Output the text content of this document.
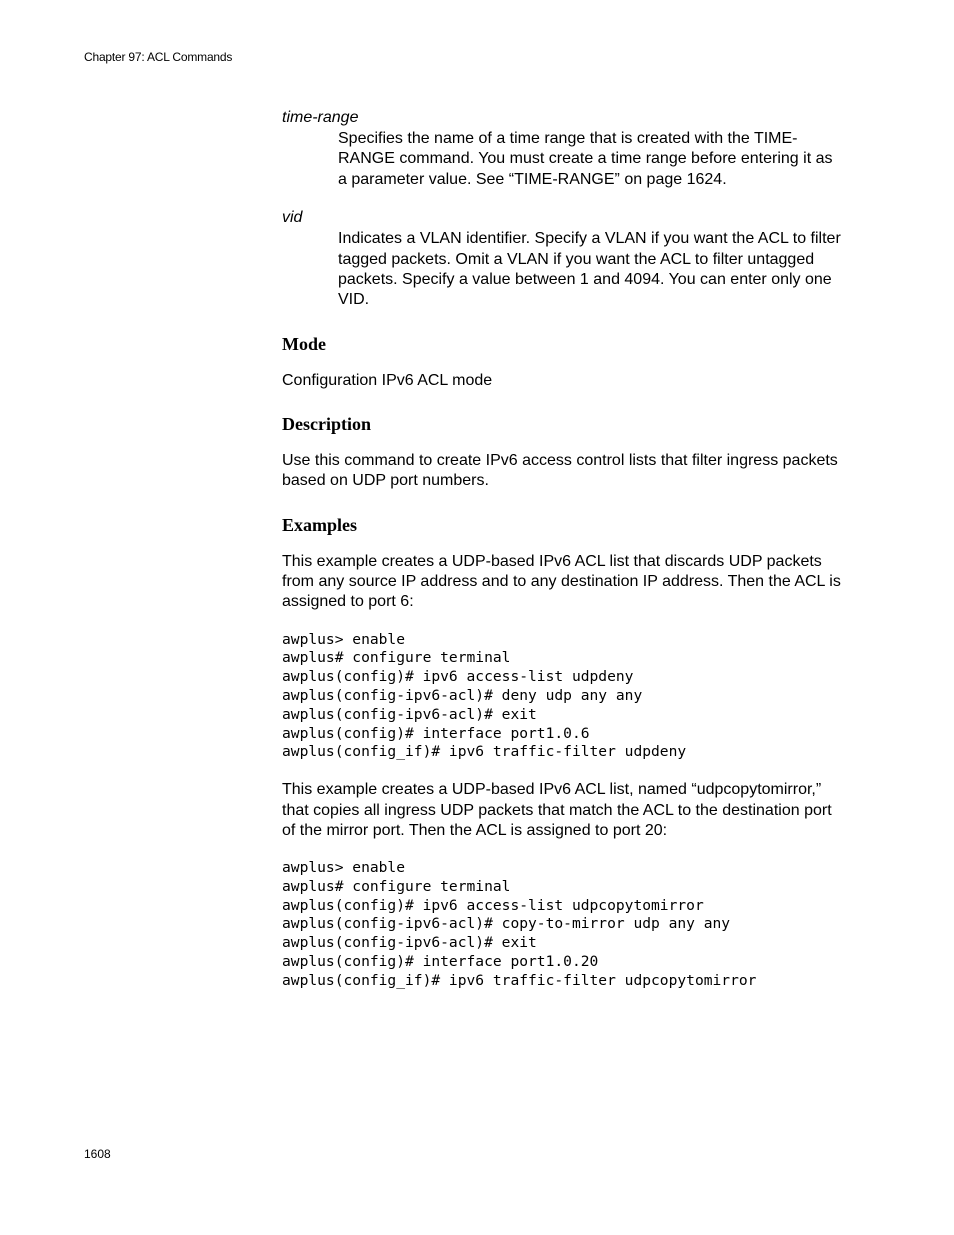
Chapter 97: ACL Commands

time-range

Specifies the name of a time range that is created with the TIME-RANGE command. You must create a time range before entering it as a parameter value. See “TIME-RANGE” on page 1624.

vid

Indicates a VLAN identifier. Specify a VLAN if you want the ACL to filter tagged packets. Omit a VLAN if you want the ACL to filter untagged packets. Specify a value between 1 and 4094. You can enter only one VID.

Mode

Configuration IPv6 ACL mode

Description

Use this command to create IPv6 access control lists that filter ingress packets based on UDP port numbers.

Examples

This example creates a UDP-based IPv6 ACL list that discards UDP packets from any source IP address and to any destination IP address. Then the ACL is assigned to port 6:

awplus> enable

awplus# configure terminal

awplus(config)# ipv6 access-list udpdeny

awplus(config-ipv6-acl)# deny udp any any

awplus(config-ipv6-acl)# exit

awplus(config)# interface port1.0.6

awplus(config_if)# ipv6 traffic-filter udpdeny

This example creates a UDP-based IPv6 ACL list, named “udpcopytomirror,” that copies all ingress UDP packets that match the ACL to the destination port of the mirror port. Then the ACL is assigned to port 20:

awplus> enable

awplus# configure terminal

awplus(config)# ipv6 access-list udpcopytomirror

awplus(config-ipv6-acl)# copy-to-mirror udp any any

awplus(config-ipv6-acl)# exit

awplus(config)# interface port1.0.20

awplus(config_if)# ipv6 traffic-filter udpcopytomirror

1608
